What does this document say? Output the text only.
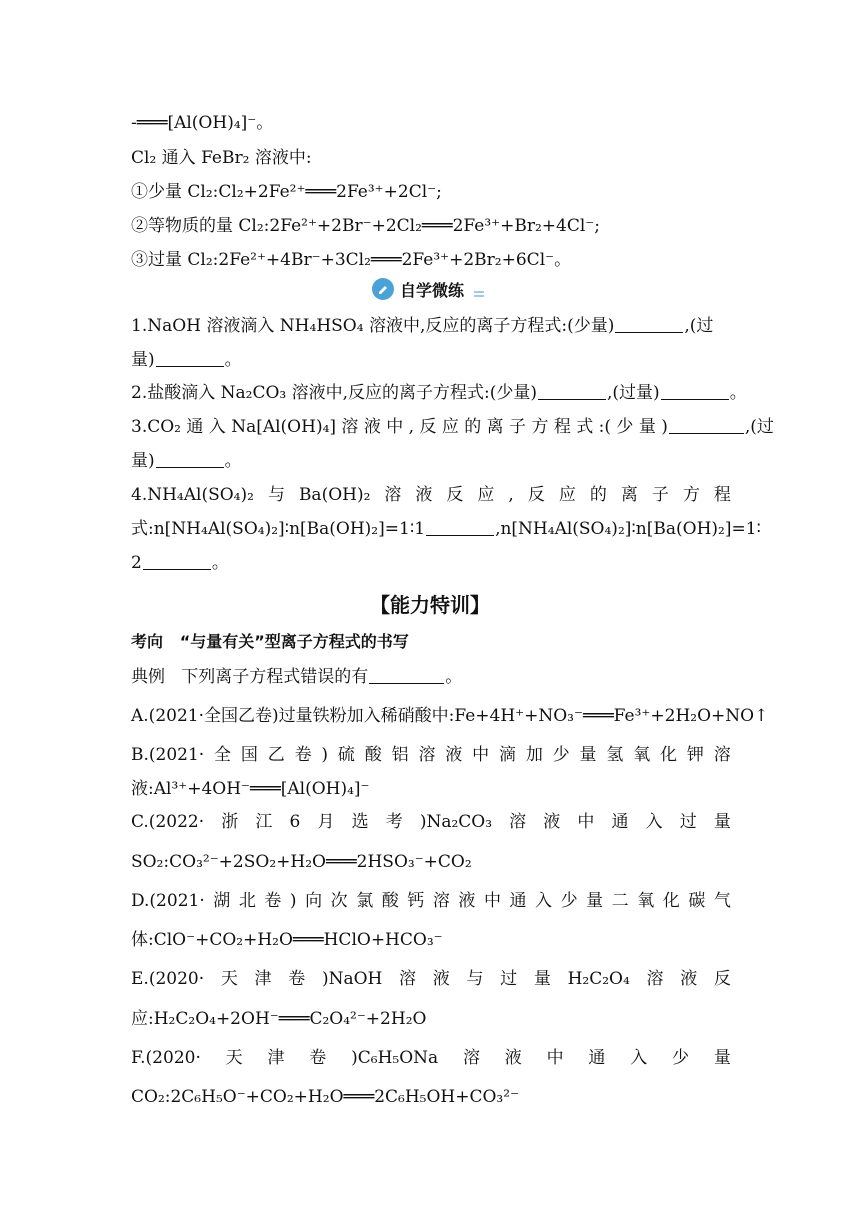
-═══[Al(OH)₄]⁻。
Cl₂ 通入 FeBr₂ 溶液中:
①少量 Cl₂:Cl₂+2Fe²⁺═══2Fe³⁺+2Cl⁻;
②等物质的量 Cl₂:2Fe²⁺+2Br⁻+2Cl₂═══2Fe³⁺+Br₂+4Cl⁻;
③过量 Cl₂:2Fe²⁺+4Br⁻+3Cl₂═══2Fe³⁺+2Br₂+6Cl⁻。
自学微练
1.NaOH 溶液滴入 NH₄HSO₄ 溶液中,反应的离子方程式:(少量)	,(过
量)	。
2.盐酸滴入 Na₂CO₃ 溶液中,反应的离子方程式:(少量)	,(过量)	。
3.CO₂ 通 入 Na[Al(OH)₄] 溶 液 中 , 反 应 的 离 子 方 程 式 :( 少 量 )	,(过
量)	。
4.NH₄Al(SO₄)₂ 与 Ba(OH)₂ 溶 液 反 应 , 反 应 的 离 子 方 程
式:n[NH₄Al(SO₄)₂]∶n[Ba(OH)₂]=1∶1	,n[NH₄Al(SO₄)₂]∶n[Ba(OH)₂]=1∶
2	。
【能力特训】
考向 “与量有关”型离子方程式的书写
典例 下列离子方程式错误的有	。
A.(2021·全国乙卷)过量铁粉加入稀硝酸中:Fe+4H⁺+NO₃⁻═══Fe³⁺+2H₂O+NO↑
B.(2021· 全 国 乙 卷 ) 硫 酸 铝 溶 液 中 滴 加 少 量 氢 氧 化 钾 溶
液:Al³⁺+4OH⁻═══[Al(OH)₄]⁻
C.(2022· 浙 江 6 月 选 考 )Na₂CO₃ 溶 液 中 通 入 过 量
SO₂:CO₃²⁻+2SO₂+H₂O═══2HSO₃⁻+CO₂
D.(2021· 湖 北 卷 ) 向 次 氯 酸 钙 溶 液 中 通 入 少 量 二 氧 化 碳 气
体:ClO⁻+CO₂+H₂O═══HClO+HCO₃⁻
E.(2020· 天 津 卷 )NaOH 溶 液 与 过 量 H₂C₂O₄ 溶 液 反
应:H₂C₂O₄+2OH⁻═══C₂O₄²⁻+2H₂O
F.(2020· 天 津 卷 )C₆H₅ONa 溶 液 中 通 入 少 量
CO₂:2C₆H₅O⁻+CO₂+H₂O═══2C₆H₅OH+CO₃²⁻
